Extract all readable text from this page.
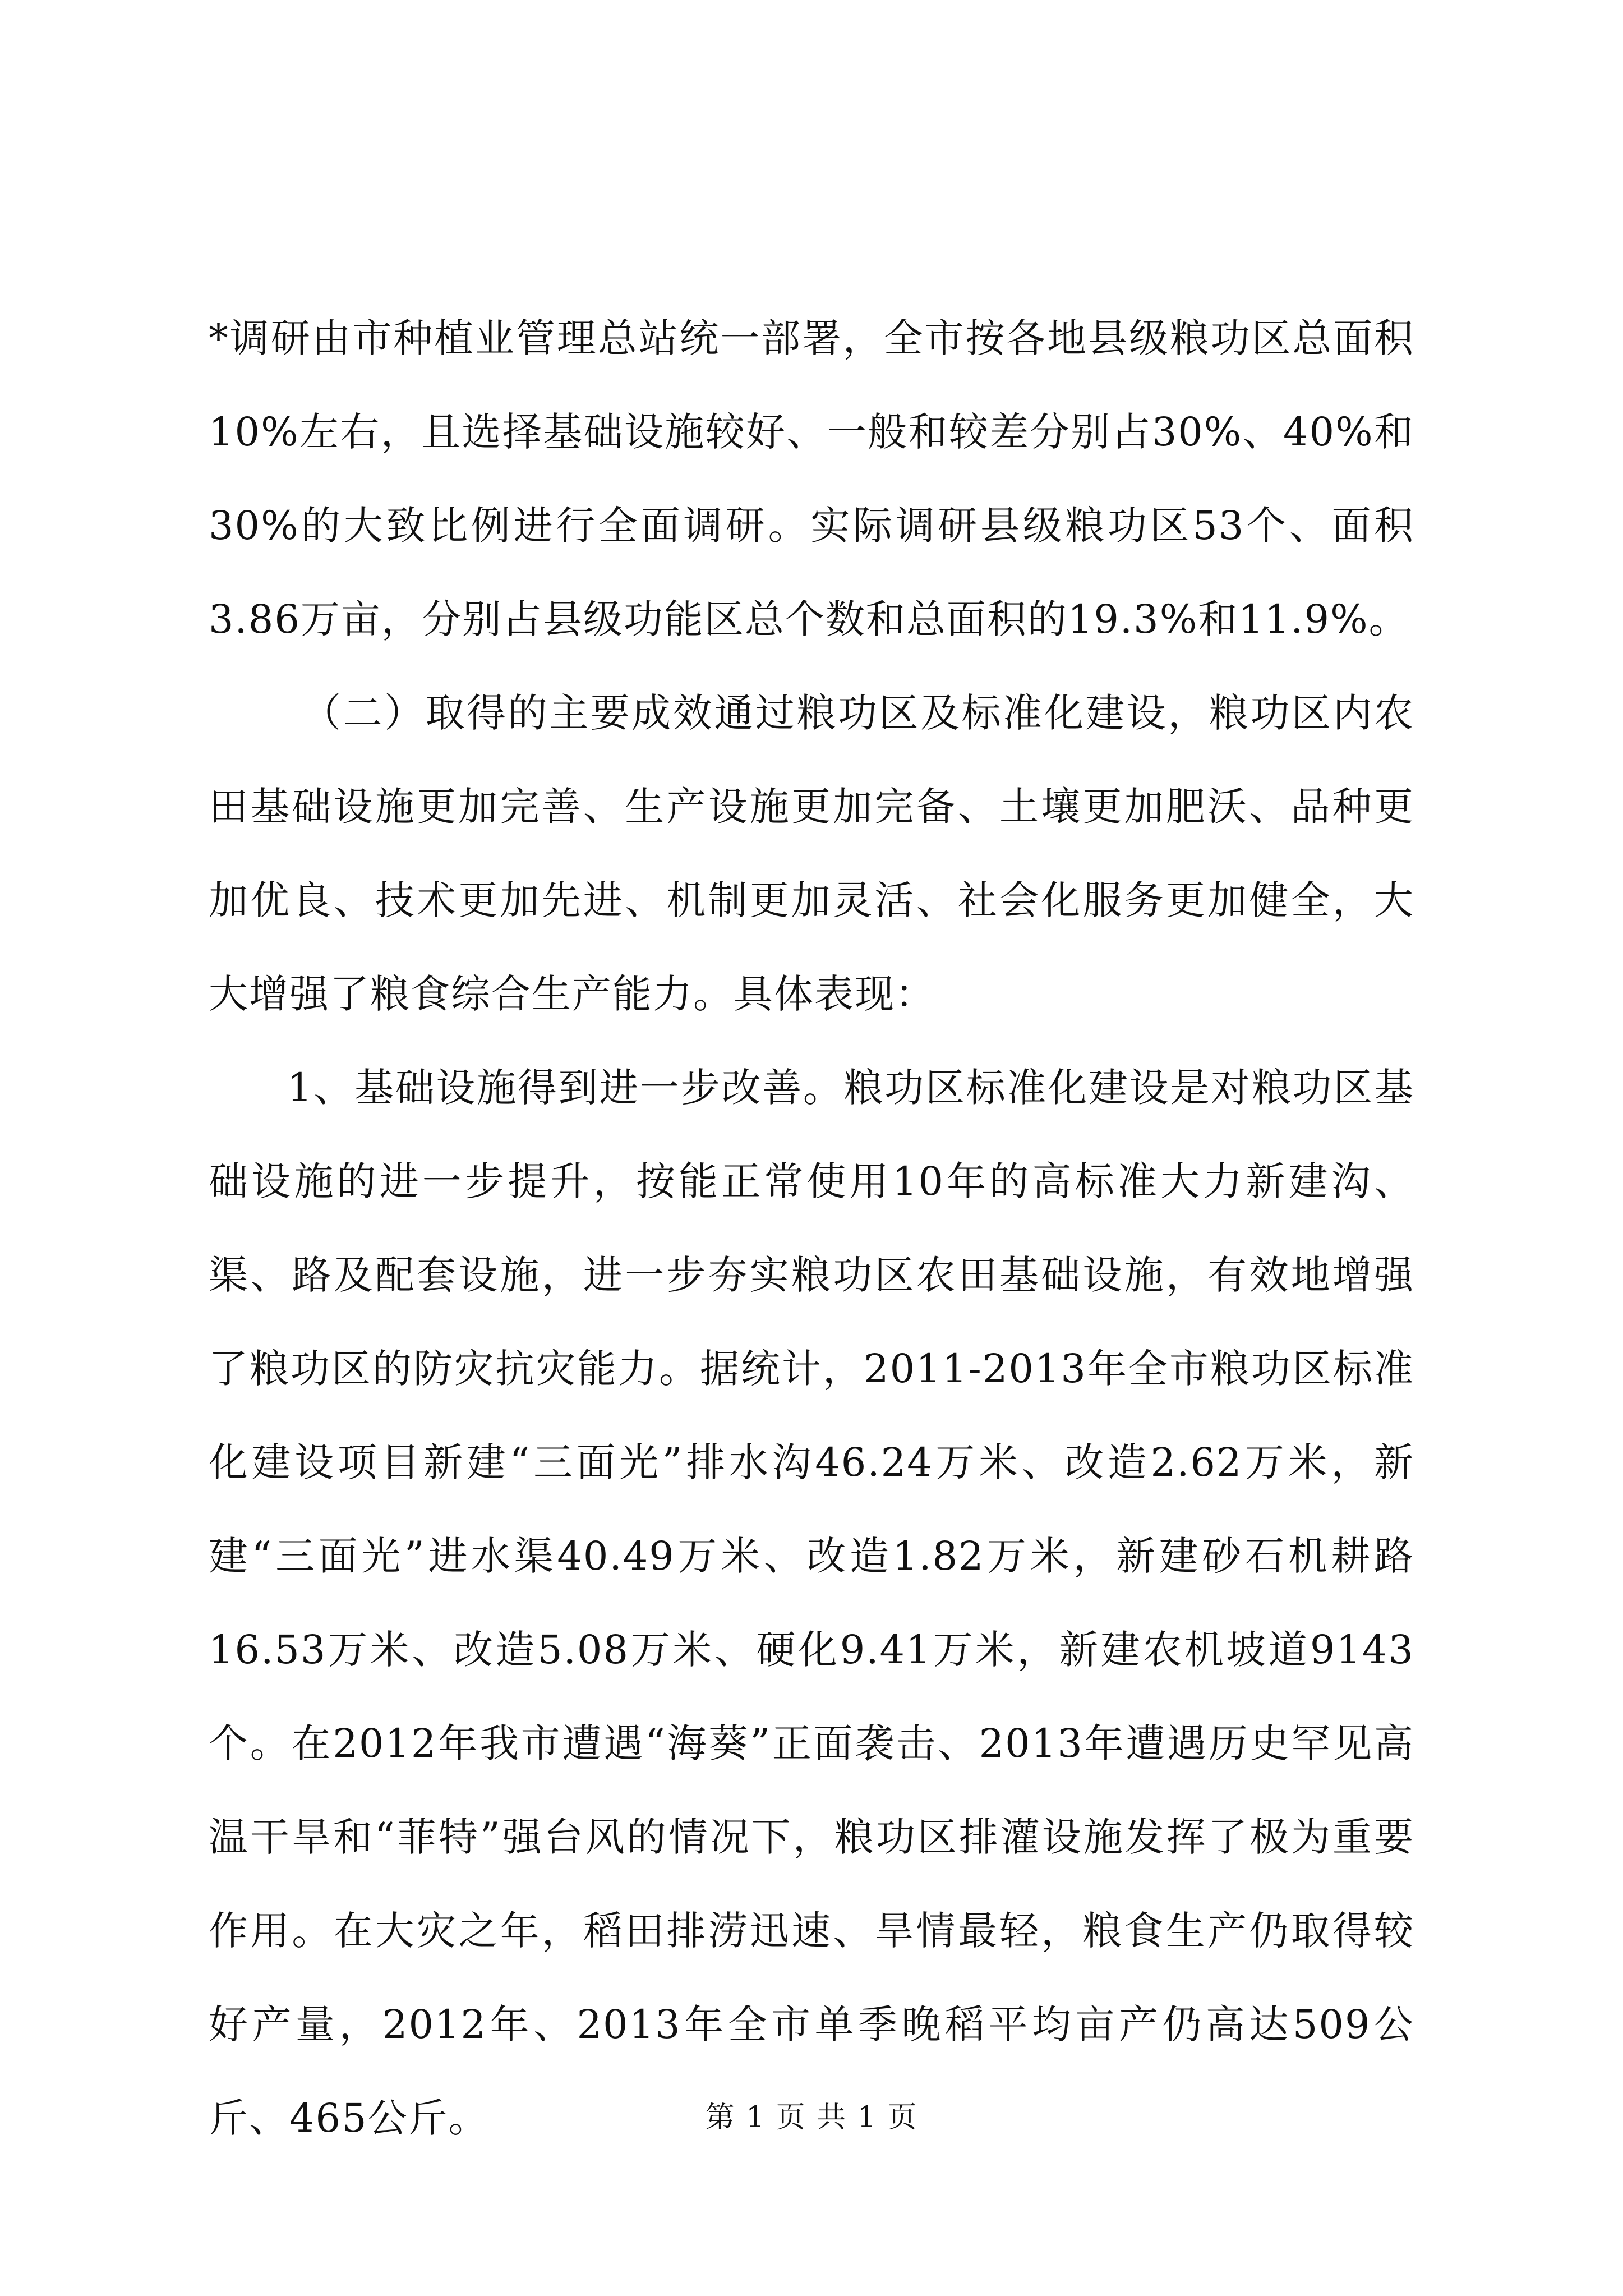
*调研由市种植业管理总站统一部署，全市按各地县级粮功区总面积10%左右，且选择基础设施较好、一般和较差分别占30%、40%和30%的大致比例进行全面调研。实际调研县级粮功区53个、面积3.86万亩，分别占县级功能区总个数和总面积的19.3%和11.9%。

（二）取得的主要成效通过粮功区及标准化建设，粮功区内农田基础设施更加完善、生产设施更加完备、土壤更加肥沃、品种更加优良、技术更加先进、机制更加灵活、社会化服务更加健全，大大增强了粮食综合生产能力。具体表现：

1、基础设施得到进一步改善。粮功区标准化建设是对粮功区基础设施的进一步提升，按能正常使用10年的高标准大力新建沟、渠、路及配套设施，进一步夯实粮功区农田基础设施，有效地增强了粮功区的防灾抗灾能力。据统计，2011-2013年全市粮功区标准化建设项目新建“三面光”排水沟46.24万米、改造2.62万米，新建“三面光”进水渠40.49万米、改造1.82万米，新建砂石机耕路16.53万米、改造5.08万米、硬化9.41万米，新建农机坡道9143个。在2012年我市遭遇“海葵”正面袭击、2013年遭遇历史罕见高温干旱和“菲特”强台风的情况下，粮功区排灌设施发挥了极为重要作用。在大灾之年，稻田排涝迅速、旱情最轻，粮食生产仍取得较好产量，2012年、2013年全市单季晚稻平均亩产仍高达509公斤、465公斤。	第 1 页 共 1 页
